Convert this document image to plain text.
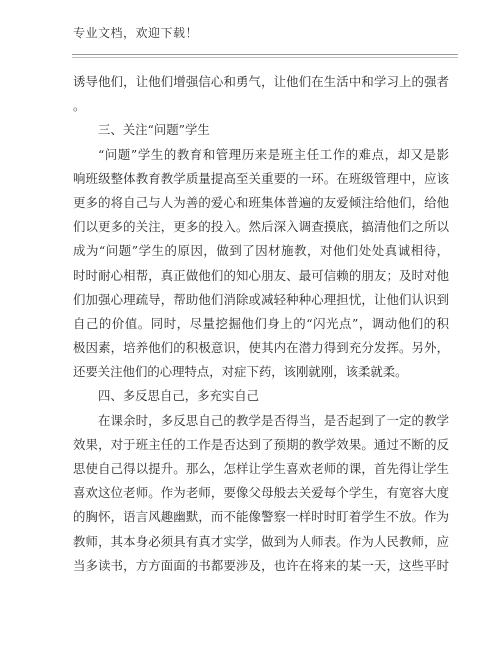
专业文档，欢迎下载！
诱导他们，让他们增强信心和勇气，让他们在生活中和学习上的强者
。
三、关注“问题”学生
“问题”学生的教育和管理历来是班主任工作的难点，却又是影
响班级整体教育教学质量提高至关重要的一环。在班级管理中，应该
更多的将自己与人为善的爱心和班集体普遍的友爱倾注给他们，给他
们以更多的关注，更多的投入。然后深入调查摸底，搞清他们之所以
成为“问题”学生的原因，做到了因材施教，对他们处处真诚相待，
时时耐心相帮，真正做他们的知心朋友、最可信赖的朋友；及时对他
们加强心理疏导，帮助他们消除或减轻种种心理担忧，让他们认识到
自己的价值。同时，尽量挖掘他们身上的“闪光点”，调动他们的积
极因素，培养他们的积极意识，使其内在潜力得到充分发挥。另外，
还要关注他们的心理特点，对症下药，该刚就刚，该柔就柔。
四、多反思自己，多充实自己
在课余时，多反思自己的教学是否得当，是否起到了一定的教学
效果，对于班主任的工作是否达到了预期的教学效果。通过不断的反
思使自己得以提升。那么，怎样让学生喜欢老师的课，首先得让学生
喜欢这位老师。作为老师，要像父母般去关爱每个学生，有宽容大度
的胸怀，语言风趣幽默，而不能像警察一样时时盯着学生不放。作为
教师，其本身必须具有真才实学，做到为人师表。作为人民教师，应
当多读书，方方面面的书都要涉及，也许在将来的某一天，这些平时
